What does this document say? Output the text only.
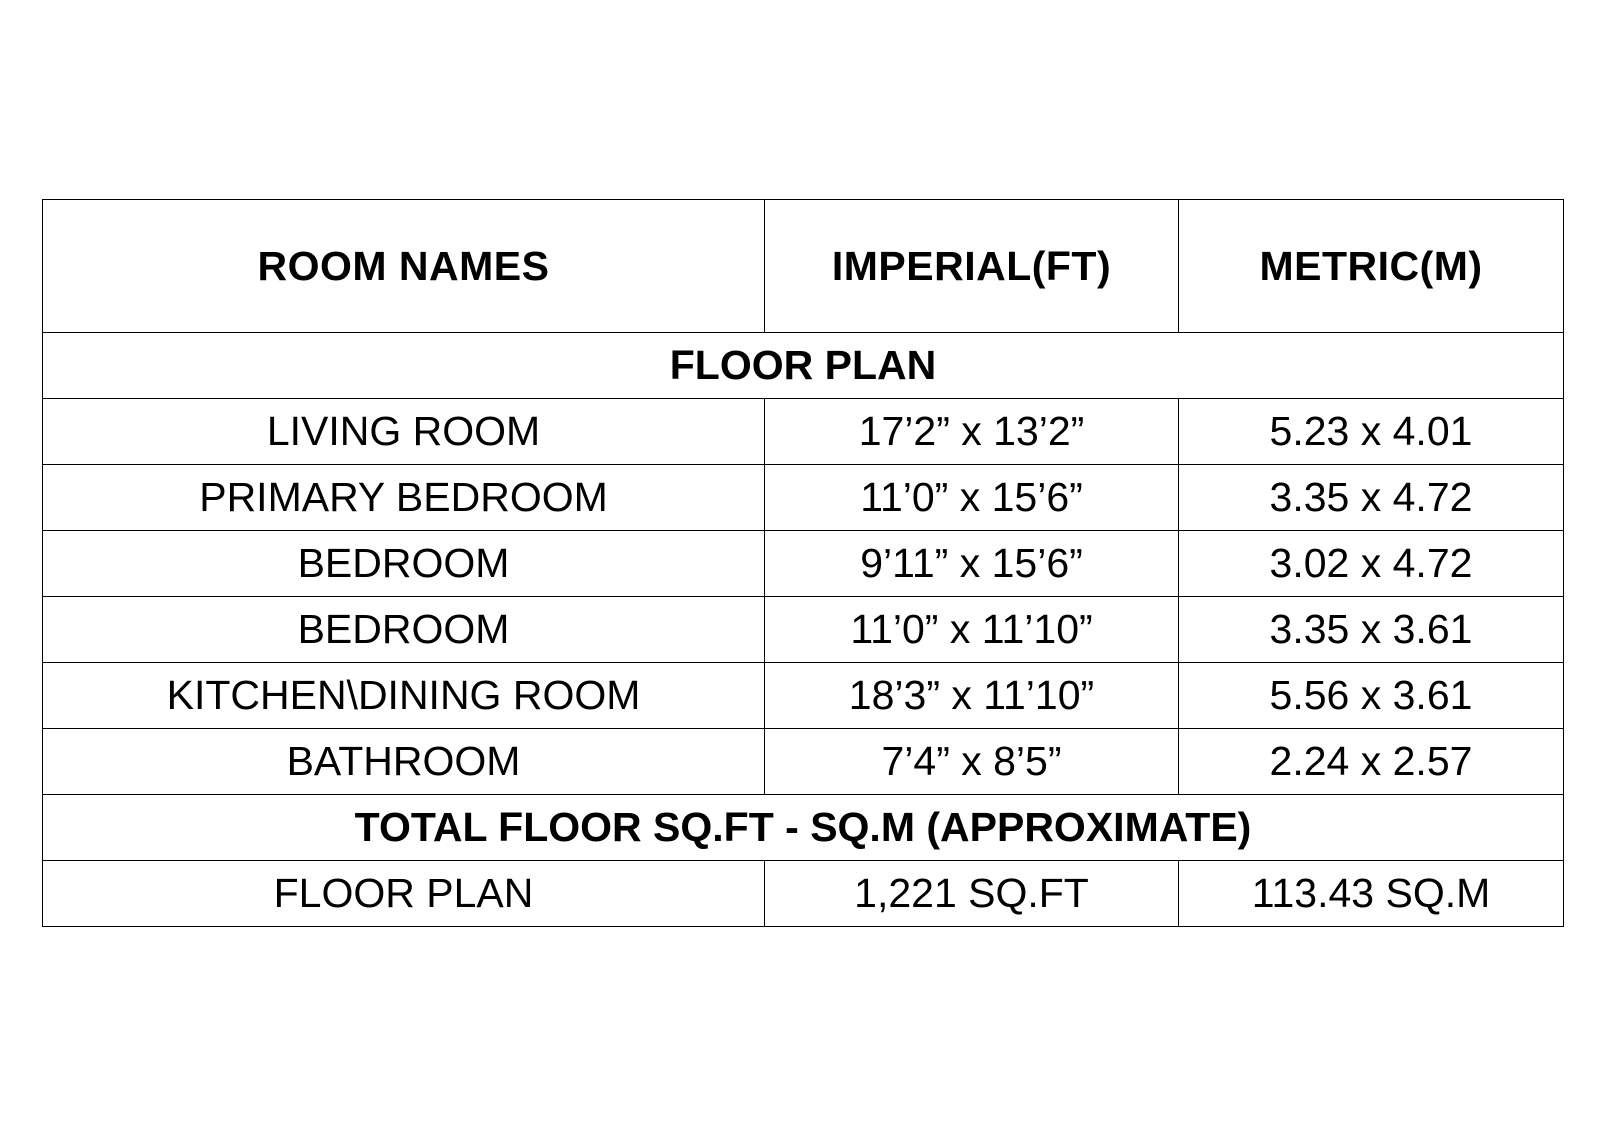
ROOM NAMES	IMPERIAL(FT)	METRIC(M)
FLOOR PLAN		
LIVING ROOM	17’2” x 13’2”	5.23 x 4.01
PRIMARY BEDROOM	11’0” x 15’6”	3.35 x 4.72
BEDROOM	9’11” x 15’6”	3.02 x 4.72
BEDROOM	11’0” x 11’10”	3.35 x 3.61
KITCHEN\DINING ROOM	18’3” x 11’10”	5.56 x 3.61
BATHROOM	7’4” x 8’5”	2.24 x 2.57
TOTAL FLOOR SQ.FT - SQ.M (APPROXIMATE)		
FLOOR PLAN	1,221 SQ.FT	113.43 SQ.M
